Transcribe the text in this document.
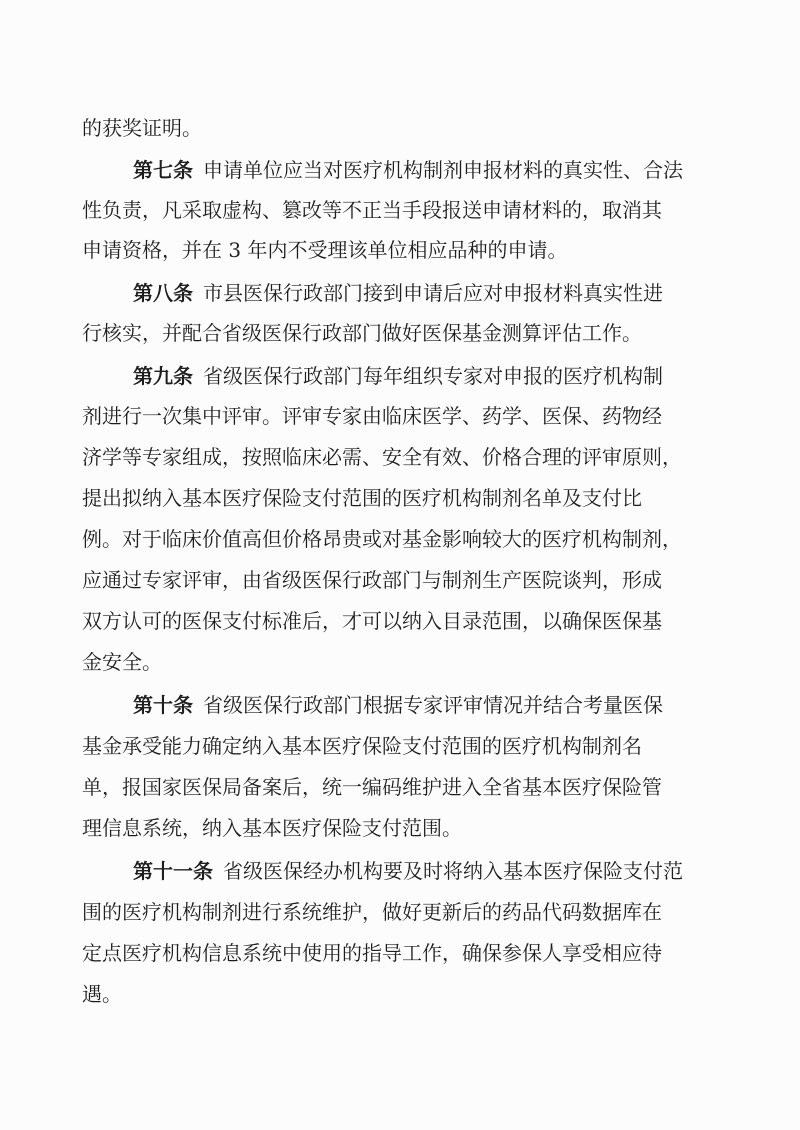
的获奖证明。
第七条 申请单位应当对医疗机构制剂申报材料的真实性、合法
性负责，凡采取虚构、篡改等不正当手段报送申请材料的，取消其
申请资格，并在 3 年内不受理该单位相应品种的申请。
第八条 市县医保行政部门接到申请后应对申报材料真实性进
行核实，并配合省级医保行政部门做好医保基金测算评估工作。
第九条 省级医保行政部门每年组织专家对申报的医疗机构制
剂进行一次集中评审。评审专家由临床医学、药学、医保、药物经
济学等专家组成，按照临床必需、安全有效、价格合理的评审原则，
提出拟纳入基本医疗保险支付范围的医疗机构制剂名单及支付比
例。对于临床价值高但价格昂贵或对基金影响较大的医疗机构制剂，
应通过专家评审，由省级医保行政部门与制剂生产医院谈判，形成
双方认可的医保支付标准后，才可以纳入目录范围，以确保医保基
金安全。
第十条 省级医保行政部门根据专家评审情况并结合考量医保
基金承受能力确定纳入基本医疗保险支付范围的医疗机构制剂名
单，报国家医保局备案后，统一编码维护进入全省基本医疗保险管
理信息系统，纳入基本医疗保险支付范围。
第十一条 省级医保经办机构要及时将纳入基本医疗保险支付范
围的医疗机构制剂进行系统维护，做好更新后的药品代码数据库在
定点医疗机构信息系统中使用的指导工作，确保参保人享受相应待
遇。
